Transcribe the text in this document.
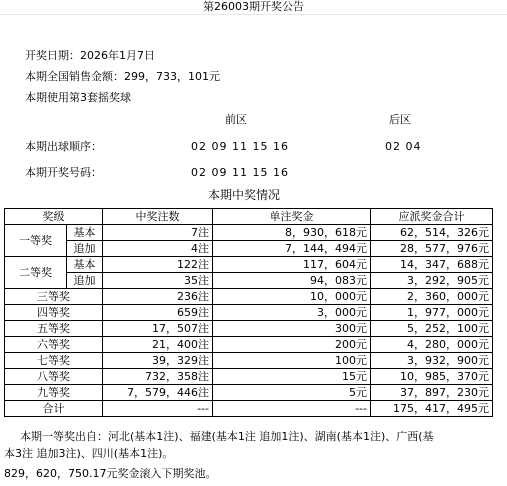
第26003期开奖公告
开奖日期：2026年1月7日
本期全国销售金额：299，733，101元
本期使用第3套摇奖球
前区	后区
本期出球顺序：	02 09 11 15 16	02 04
本期开奖号码：	02 09 11 15 16
本期中奖情况
奖级		中奖注数	单注奖金	应派奖金合计
一等奖	基本	7注	8，930，618元	62，514，326元
	追加	4注	7，144，494元	28，577，976元
二等奖	基本	122注	117，604元	14，347，688元
	追加	35注	94，083元	3，292，905元
三等奖		236注	10，000元	2，360，000元
四等奖		659注	3，000元	1，977，000元
五等奖		17，507注	300元	5，252，100元
六等奖		21，400注	200元	4，280，000元
七等奖		39，329注	100元	3，932，900元
八等奖		732，358注	15元	10，985，370元
九等奖		7，579，446注	5元	37，897，230元
合计		---	---	175，417，495元
本期一等奖出自：河北(基本1注)、福建(基本1注 追加1注)、湖南(基本1注)、广西(基
本3注 追加3注)、四川(基本1注)。
829，620，750.17元奖金滚入下期奖池。
